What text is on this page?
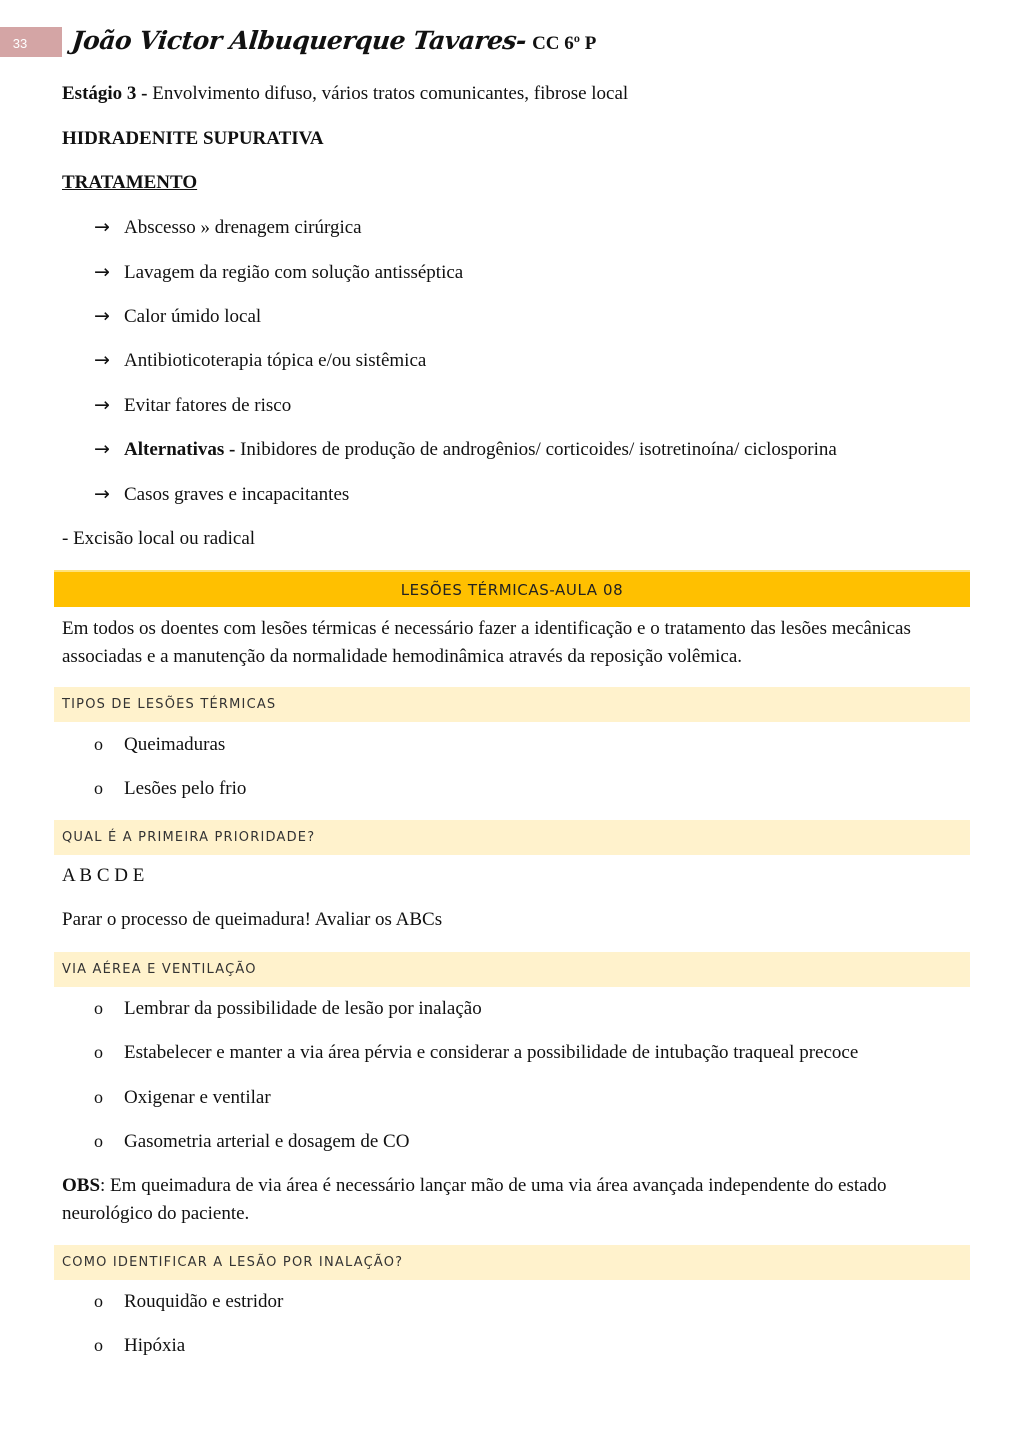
33	João Victor Albuquerque Tavares- CC 6º P
Estágio 3 - Envolvimento difuso, vários tratos comunicantes, fibrose local
HIDRADENITE SUPURATIVA
TRATAMENTO
→ Abscesso » drenagem cirúrgica
→ Lavagem da região com solução antisséptica
→ Calor úmido local
→ Antibioticoterapia tópica e/ou sistêmica
→ Evitar fatores de risco
→ Alternativas - Inibidores de produção de androgênios/ corticoides/ isotretinoína/ ciclosporina
→ Casos graves e incapacitantes
- Excisão local ou radical
LESÕES TÉRMICAS-AULA 08
Em todos os doentes com lesões térmicas é necessário fazer a identificação e o tratamento das lesões mecânicas associadas e a manutenção da normalidade hemodinâmica através da reposição volêmica.
TIPOS DE LESÕES TÉRMICAS
o Queimaduras
o Lesões pelo frio
QUAL É A PRIMEIRA PRIORIDADE?
A B C D E
Parar o processo de queimadura! Avaliar os ABCs
VIA AÉREA E VENTILAÇÃO
o Lembrar da possibilidade de lesão por inalação
o Estabelecer e manter a via área pérvia e considerar a possibilidade de intubação traqueal precoce
o Oxigenar e ventilar
o Gasometria arterial e dosagem de CO
OBS: Em queimadura de via área é necessário lançar mão de uma via área avançada independente do estado neurológico do paciente.
COMO IDENTIFICAR A LESÃO POR INALAÇÃO?
o Rouquidão e estridor
o Hipóxia
